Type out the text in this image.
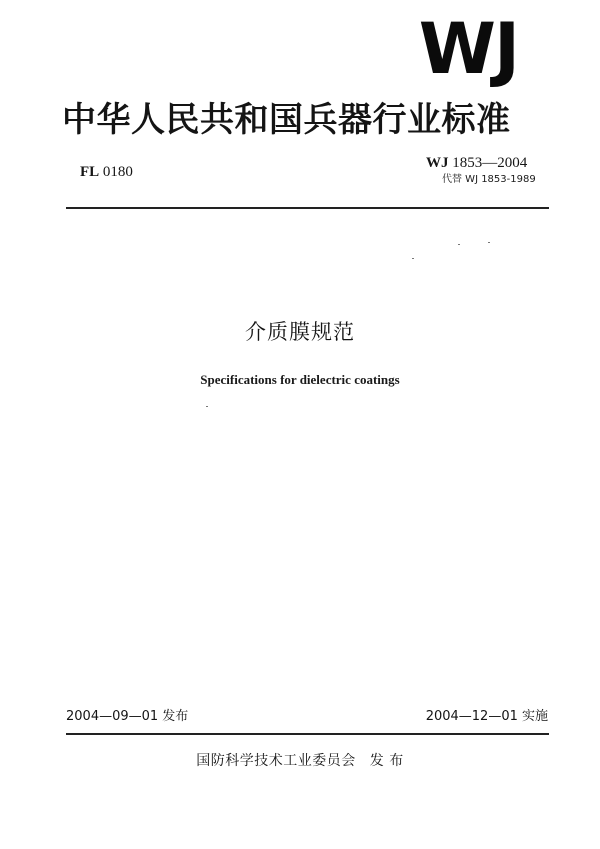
WJ
中华人民共和国兵器行业标准
FL 0180
WJ 1853—2004
代替 WJ 1853-1989
介质膜规范
Specifications for dielectric coatings
2004—09—01 发布	2004—12—01 实施
国防科学技术工业委员会 发 布
